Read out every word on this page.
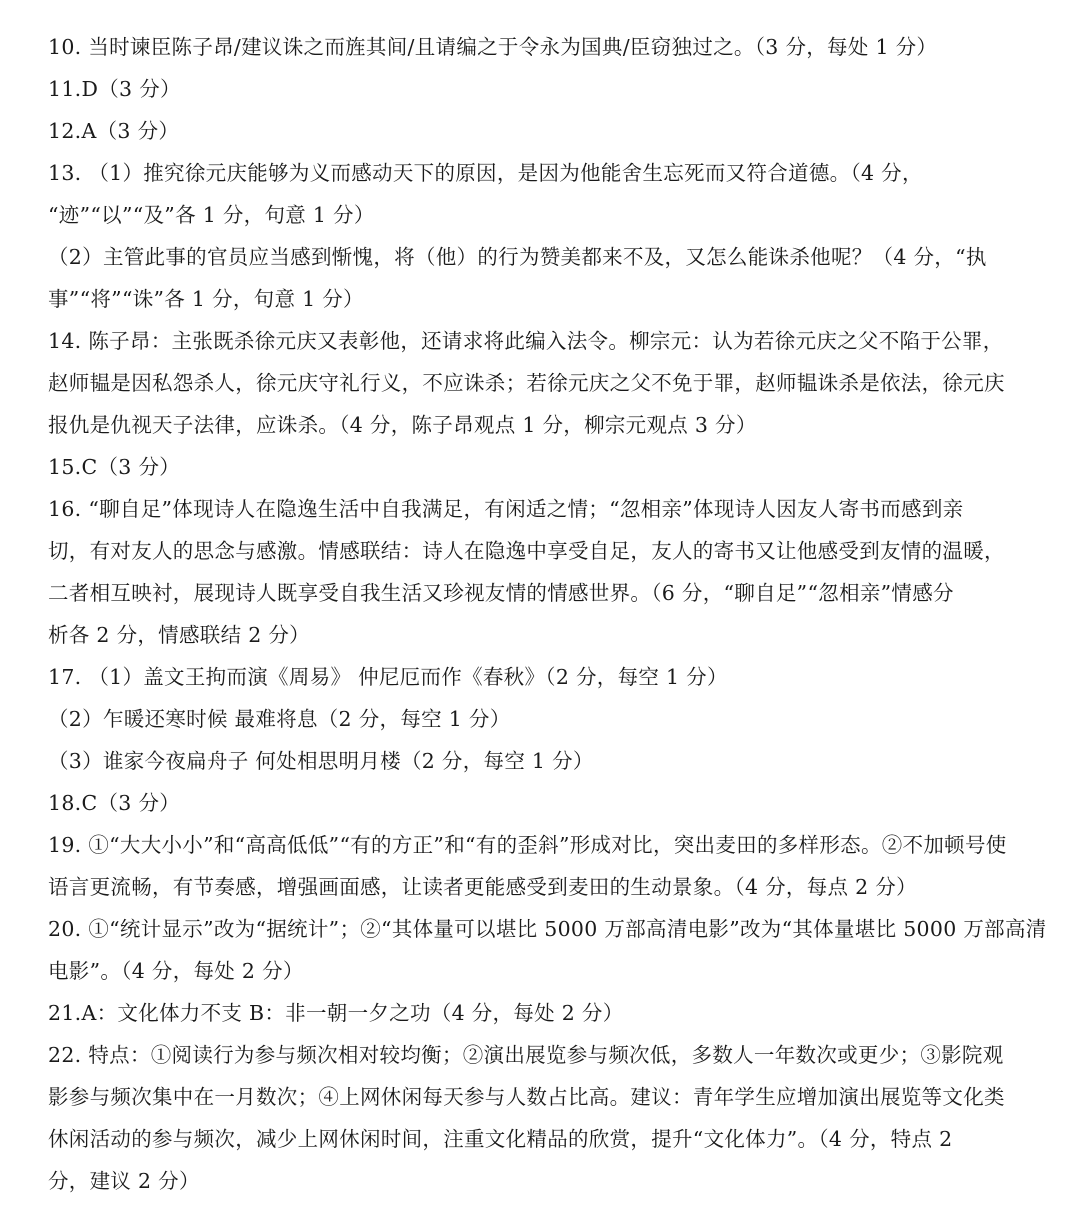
10. 当时谏臣陈子昂/建议诛之而旌其间/且请编之于令永为国典/臣窃独过之。（3 分，每处 1 分）
11.D（3 分）
12.A（3 分）
13. （1）推究徐元庆能够为义而感动天下的原因，是因为他能舍生忘死而又符合道德。（4 分，
“迹”“以”“及”各 1 分，句意 1 分）
（2）主管此事的官员应当感到惭愧，将（他）的行为赞美都来不及，又怎么能诛杀他呢？（4 分，“执
事”“将”“诛”各 1 分，句意 1 分）
14. 陈子昂：主张既杀徐元庆又表彰他，还请求将此编入法令。柳宗元：认为若徐元庆之父不陷于公罪，
赵师韫是因私怨杀人，徐元庆守礼行义，不应诛杀；若徐元庆之父不免于罪，赵师韫诛杀是依法，徐元庆
报仇是仇视天子法律，应诛杀。（4 分，陈子昂观点 1 分，柳宗元观点 3 分）
15.C（3 分）
16. “聊自足”体现诗人在隐逸生活中自我满足，有闲适之情；“忽相亲”体现诗人因友人寄书而感到亲
切，有对友人的思念与感激。情感联结：诗人在隐逸中享受自足，友人的寄书又让他感受到友情的温暖，
二者相互映衬，展现诗人既享受自我生活又珍视友情的情感世界。（6 分，“聊自足”“忽相亲”情感分
析各 2 分，情感联结 2 分）
17. （1）盖文王拘而演《周易》 仲尼厄而作《春秋》（2 分，每空 1 分）
（2）乍暖还寒时候 最难将息（2 分，每空 1 分）
（3）谁家今夜扁舟子 何处相思明月楼（2 分，每空 1 分）
18.C（3 分）
19. ①“大大小小”和“高高低低”“有的方正”和“有的歪斜”形成对比，突出麦田的多样形态。②不加顿号使
语言更流畅，有节奏感，增强画面感，让读者更能感受到麦田的生动景象。（4 分，每点 2 分）
20. ①“统计显示”改为“据统计”；②“其体量可以堪比 5000 万部高清电影”改为“其体量堪比 5000 万部高清
电影”。（4 分，每处 2 分）
21.A：文化体力不支 B：非一朝一夕之功（4 分，每处 2 分）
22. 特点：①阅读行为参与频次相对较均衡；②演出展览参与频次低，多数人一年数次或更少；③影院观
影参与频次集中在一月数次；④上网休闲每天参与人数占比高。建议：青年学生应增加演出展览等文化类
休闲活动的参与频次，减少上网休闲时间，注重文化精品的欣赏，提升“文化体力”。（4 分，特点 2
分，建议 2 分）
